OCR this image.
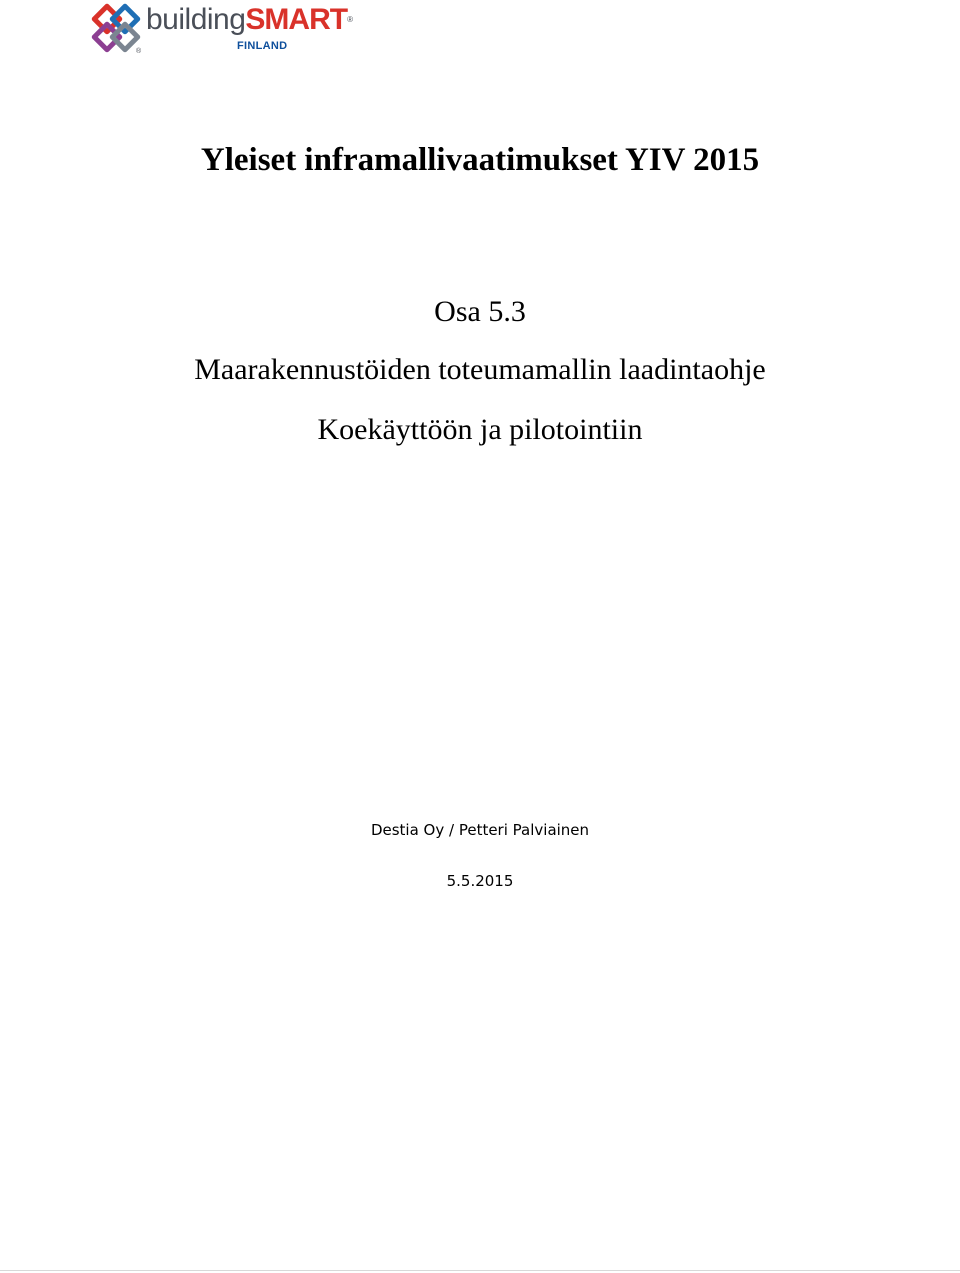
®
buildingSMART®
FINLAND
Yleiset inframallivaatimukset YIV 2015
Osa 5.3
Maarakennustöiden toteumamallin laadintaohje
Koekäyttöön ja pilotointiin
Destia Oy / Petteri Palviainen
5.5.2015
